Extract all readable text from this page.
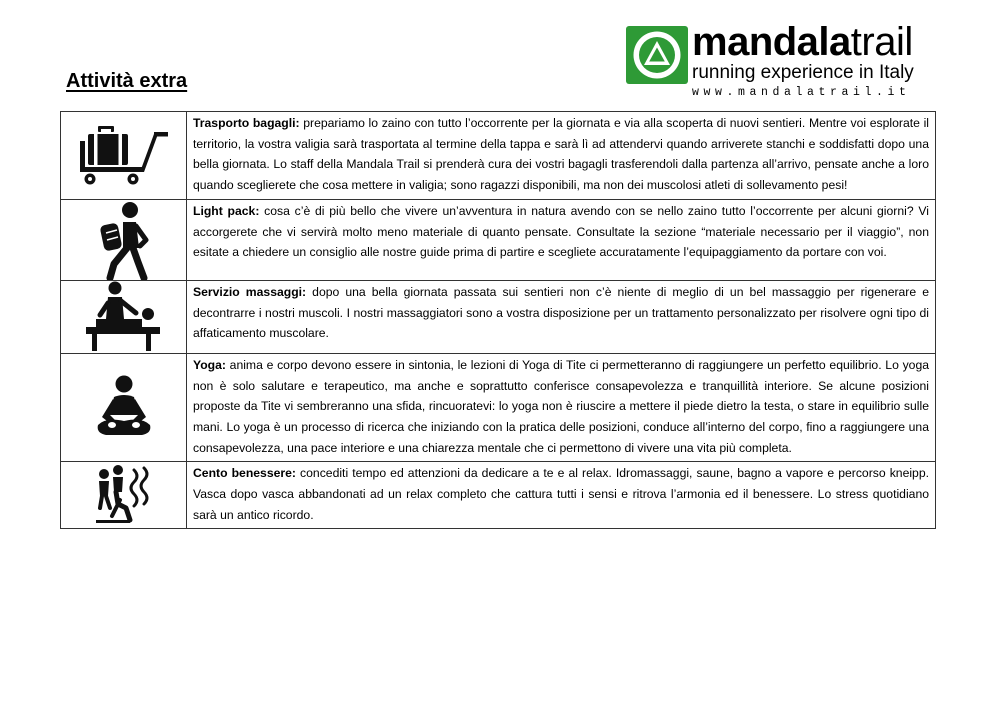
Attività extra
mandalatrail
running experience in Italy
www.mandalatrail.it
	Trasporto bagagli: prepariamo lo zaino con tutto l’occorrente per la giornata e via alla scoperta di nuovi sentieri. Mentre voi esplorate il territorio, la vostra valigia sarà trasportata al termine della tappa e sarà lì ad attendervi quando arriverete stanchi e soddisfatti dopo una bella giornata. Lo staff della Mandala Trail si prenderà cura dei vostri bagagli trasferendoli dalla partenza all’arrivo, pensate anche a loro quando sceglierete che cosa mettere in valigia; sono ragazzi disponibili, ma non dei muscolosi atleti di sollevamento pesi!

	Light pack: cosa c’è di più bello che vivere un’avventura in natura avendo con se nello zaino tutto l’occorrente per alcuni giorni? Vi accorgerete che vi servirà molto meno materiale di quanto pensate. Consultate la sezione “materiale necessario per il viaggio”, non esitate a chiedere un consiglio alle nostre guide prima di partire e scegliete accuratamente l’equipaggiamento da portare con voi.

	Servizio massaggi: dopo una bella giornata passata sui sentieri non c’è niente di meglio di un bel massaggio per rigenerare e decontrarre i nostri muscoli. I nostri massaggiatori sono a vostra disposizione per un trattamento personalizzato per risolvere ogni tipo di affaticamento muscolare.

	Yoga: anima e corpo devono essere in sintonia, le lezioni di Yoga di Tite ci permetteranno di raggiungere un perfetto equilibrio. Lo yoga non è solo salutare e terapeutico, ma anche e soprattutto conferisce consapevolezza e tranquillità interiore. Se alcune posizioni proposte da Tite vi sembreranno una sfida, rincuoratevi: lo yoga non è riuscire a mettere il piede dietro la testa, o stare in equilibrio sulle mani. Lo yoga è un processo di ricerca che iniziando con la pratica delle posizioni, conduce all’interno del corpo, fino a raggiungere una consapevolezza, una pace interiore e una chiarezza mentale che ci permettono di vivere una vita più completa.

	Cento benessere: concediti tempo ed attenzioni da dedicare a te e al relax. Idromassaggi, saune, bagno a vapore e percorso kneipp. Vasca dopo vasca abbandonati ad un relax completo che cattura tutti i sensi e ritrova l’armonia ed il benessere. Lo stress quotidiano sarà un antico ricordo.
